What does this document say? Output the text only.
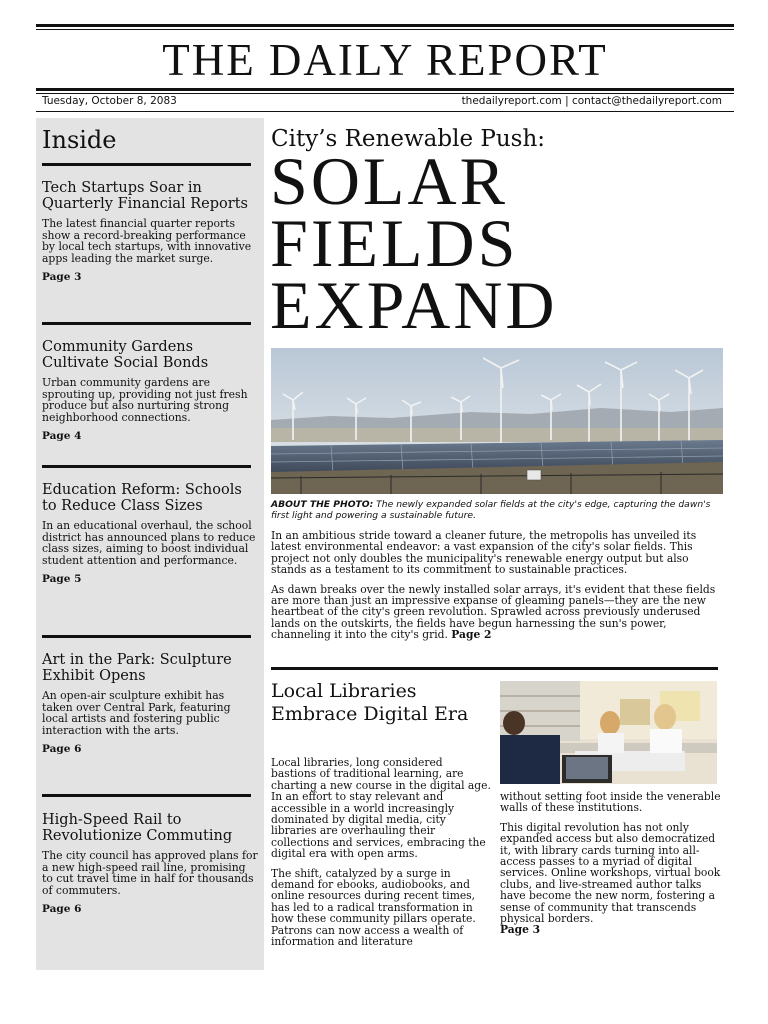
THE DAILY REPORT
Tuesday, October 8, 2083	thedailyreport.com | contact@thedailyreport.com
Inside
Tech Startups Soar in Quarterly Financial Reports
The latest financial quarter reports show a record-breaking performance by local tech startups, with innovative apps leading the market surge.
Page 3
Community Gardens Cultivate Social Bonds
Urban community gardens are sprouting up, providing not just fresh produce but also nurturing strong neighborhood connections.
Page 4
Education Reform: Schools to Reduce Class Sizes
In an educational overhaul, the school district has announced plans to reduce class sizes, aiming to boost individual student attention and performance.
Page 5
Art in the Park: Sculpture Exhibit Opens
An open-air sculpture exhibit has taken over Central Park, featuring local artists and fostering public interaction with the arts.
Page 6
High-Speed Rail to Revolutionize Commuting
The city council has approved plans for a new high-speed rail line, promising to cut travel time in half for thousands of commuters.
Page 6
City’s Renewable Push:
SOLAR
FIELDS
EXPAND
ABOUT THE PHOTO: The newly expanded solar fields at the city's edge, capturing the dawn's first light and powering a sustainable future.

In an ambitious stride toward a cleaner future, the metropolis has unveiled its latest environmental endeavor: a vast expansion of the city's solar fields. This project not only doubles the municipality's renewable energy output but also stands as a testament to its commitment to sustainable practices.

As dawn breaks over the newly installed solar arrays, it's evident that these fields are more than just an impressive expanse of gleaming panels—they are the new heartbeat of the city's green revolution. Sprawled across previously underused lands on the outskirts, the fields have begun harnessing the sun's power, channeling it into the city's grid. Page 2

Local Libraries Embrace Digital Era

Local libraries, long considered bastions of traditional learning, are charting a new course in the digital age. In an effort to stay relevant and accessible in a world increasingly dominated by digital media, city libraries are overhauling their collections and services, embracing the digital era with open arms.

The shift, catalyzed by a surge in demand for ebooks, audiobooks, and online resources during recent times, has led to a radical transformation in how these community pillars operate. Patrons can now access a wealth of information and literature

without setting foot inside the venerable walls of these institutions.

This digital revolution has not only expanded access but also democratized it, with library cards turning into all-access passes to a myriad of digital services. Online workshops, virtual book clubs, and live-streamed author talks have become the new norm, fostering a sense of community that transcends physical borders.

Page 3
